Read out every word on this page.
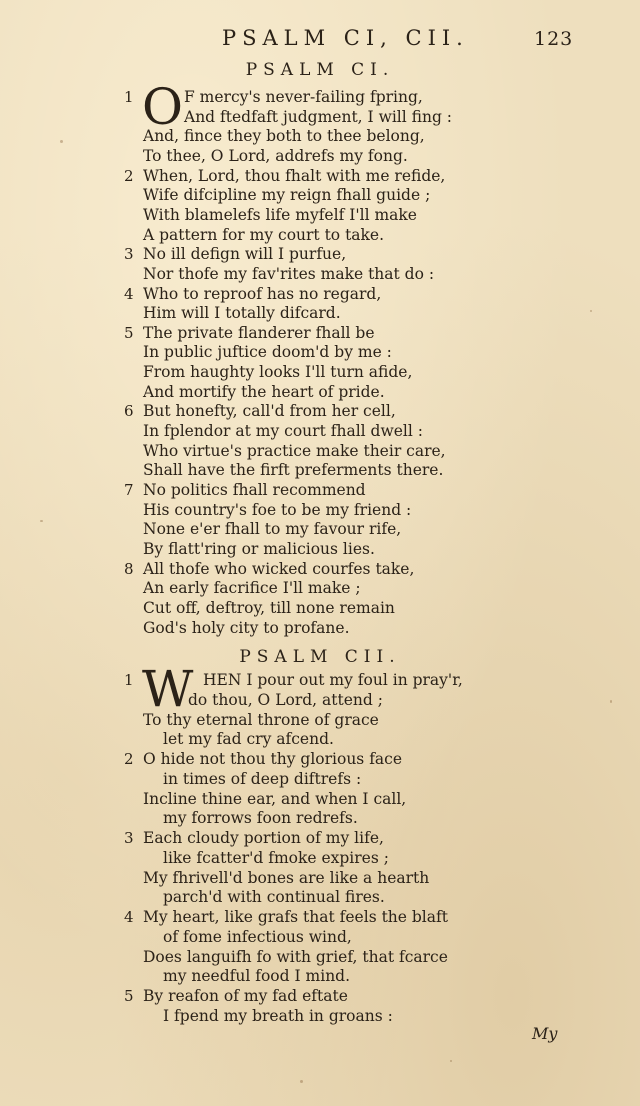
PSALM CI, CII.	123
PSALM CI.
1	F mercy's never-failing fpring,
And ftedfaft judgment, I will fing :
And, fince they both to thee belong,
To thee, O Lord, addrefs my fong.
2 When, Lord, thou fhalt with me refide,
Wife difcipline my reign fhall guide ;
With blamelefs life myfelf I'll make
A pattern for my court to take.
3 No ill defign will I purfue,
Nor thofe my fav'rites make that do :
4 Who to reproof has no regard,
Him will I totally difcard.
5 The private flanderer fhall be
In public juftice doom'd by me :
From haughty looks I'll turn afide,
And mortify the heart of pride.
6 But honefty, call'd from her cell,
In fplendor at my court fhall dwell :
Who virtue's practice make their care,
Shall have the firft preferments there.
7 No politics fhall recommend
His country's foe to be my friend :
None e'er fhall to my favour rife,
By flatt'ring or malicious lies.
8 All thofe who wicked courfes take,
An early facrifice I'll make ;
Cut off, deftroy, till none remain
God's holy city to profane.
O
PSALM CII.
1	HEN I pour out my foul in pray'r,
do thou, O Lord, attend ;
To thy eternal throne of grace
let my fad cry afcend.
2 O hide not thou thy glorious face
in times of deep diftrefs :
Incline thine ear, and when I call,
my forrows foon redrefs.
3 Each cloudy portion of my life,
like fcatter'd fmoke expires ;
My fhrivell'd bones are like a hearth
parch'd with continual fires.
4 My heart, like grafs that feels the blaft
of fome infectious wind,
Does languifh fo with grief, that fcarce
my needful food I mind.
5 By reafon of my fad eftate
I fpend my breath in groans :
W
My
